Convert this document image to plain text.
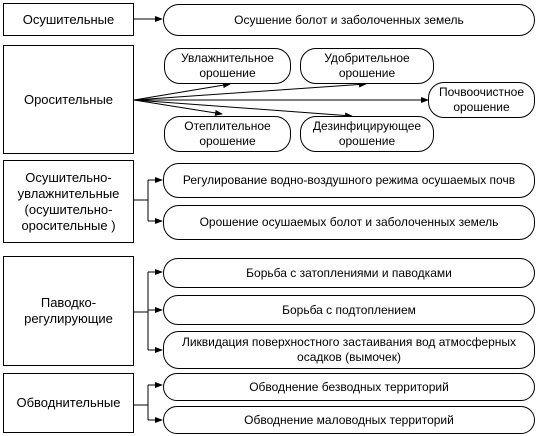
Осушительные
Оросительные
Осушительно-
увлажнительные
(осушительно-
оросительные )
Паводко-
регулирующие
Обводнительные
Осушение болот и заболоченных земель
Увлажнительное
орошение
Удобрительное
орошение
Почвоочистное
орошение
Отеплительное
орошение
Дезинфицирующее
орошение
Регулирование водно-воздушного режима осушаемых почв
Орошение осушаемых болот и заболоченных земель
Борьба с затоплениями и паводками
Борьба с подтоплением
Ликвидация поверхностного застаивания вод атмосферных
осадков (вымочек)
Обводнение безводных территорий
Обводнение маловодных территорий
